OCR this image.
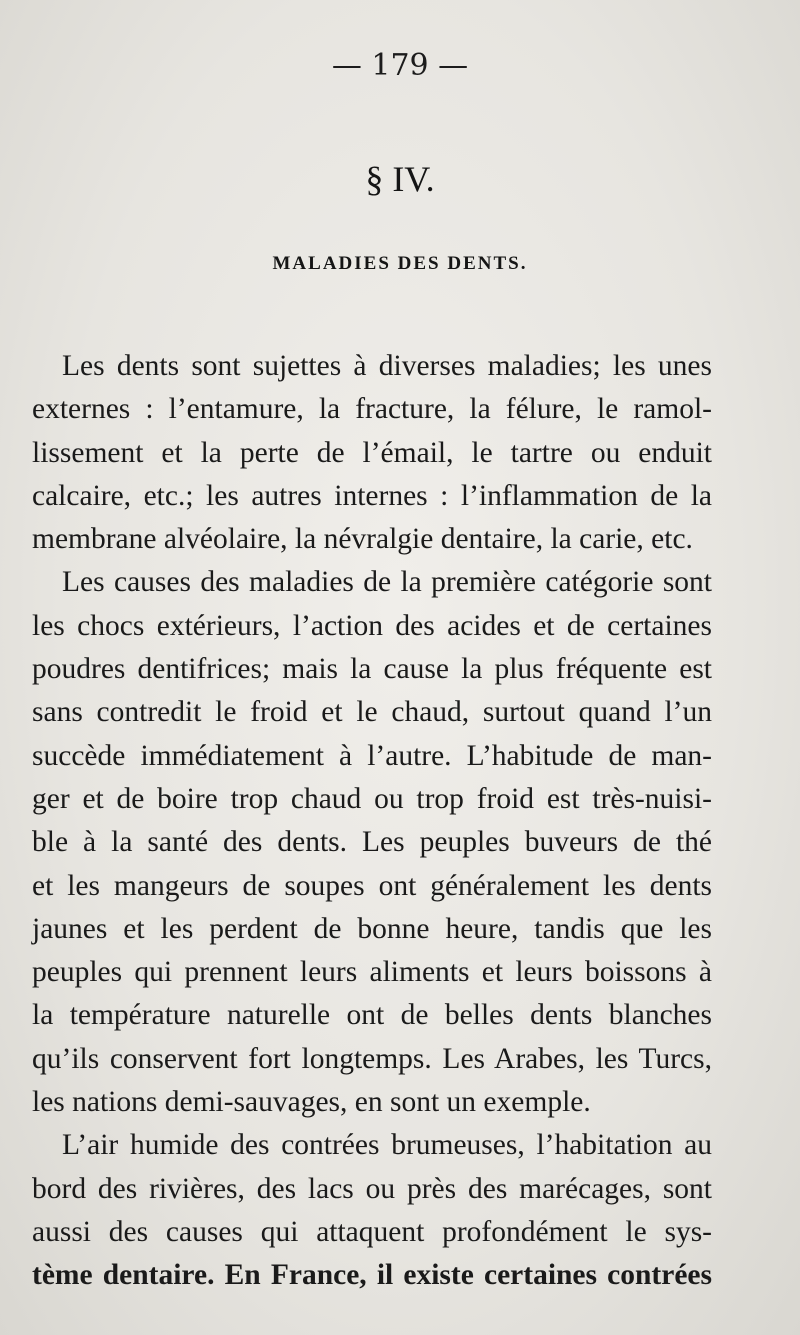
— 179 —
§ IV.
MALADIES DES DENTS.
Les dents sont sujettes à diverses maladies; les unes
externes : l’entamure, la fracture, la félure, le ramol-
lissement et la perte de l’émail, le tartre ou enduit
calcaire, etc.; les autres internes : l’inflammation de la
membrane alvéolaire, la névralgie dentaire, la carie, etc.
Les causes des maladies de la première catégorie sont
les chocs extérieurs, l’action des acides et de certaines
poudres dentifrices; mais la cause la plus fréquente est
sans contredit le froid et le chaud, surtout quand l’un
succède immédiatement à l’autre. L’habitude de man-
ger et de boire trop chaud ou trop froid est très-nuisi-
ble à la santé des dents. Les peuples buveurs de thé
et les mangeurs de soupes ont généralement les dents
jaunes et les perdent de bonne heure, tandis que les
peuples qui prennent leurs aliments et leurs boissons à
la température naturelle ont de belles dents blanches
qu’ils conservent fort longtemps. Les Arabes, les Turcs,
les nations demi-sauvages, en sont un exemple.
L’air humide des contrées brumeuses, l’habitation au
bord des rivières, des lacs ou près des marécages, sont
aussi des causes qui attaquent profondément le sys-
tème dentaire. En France, il existe certaines contrées
